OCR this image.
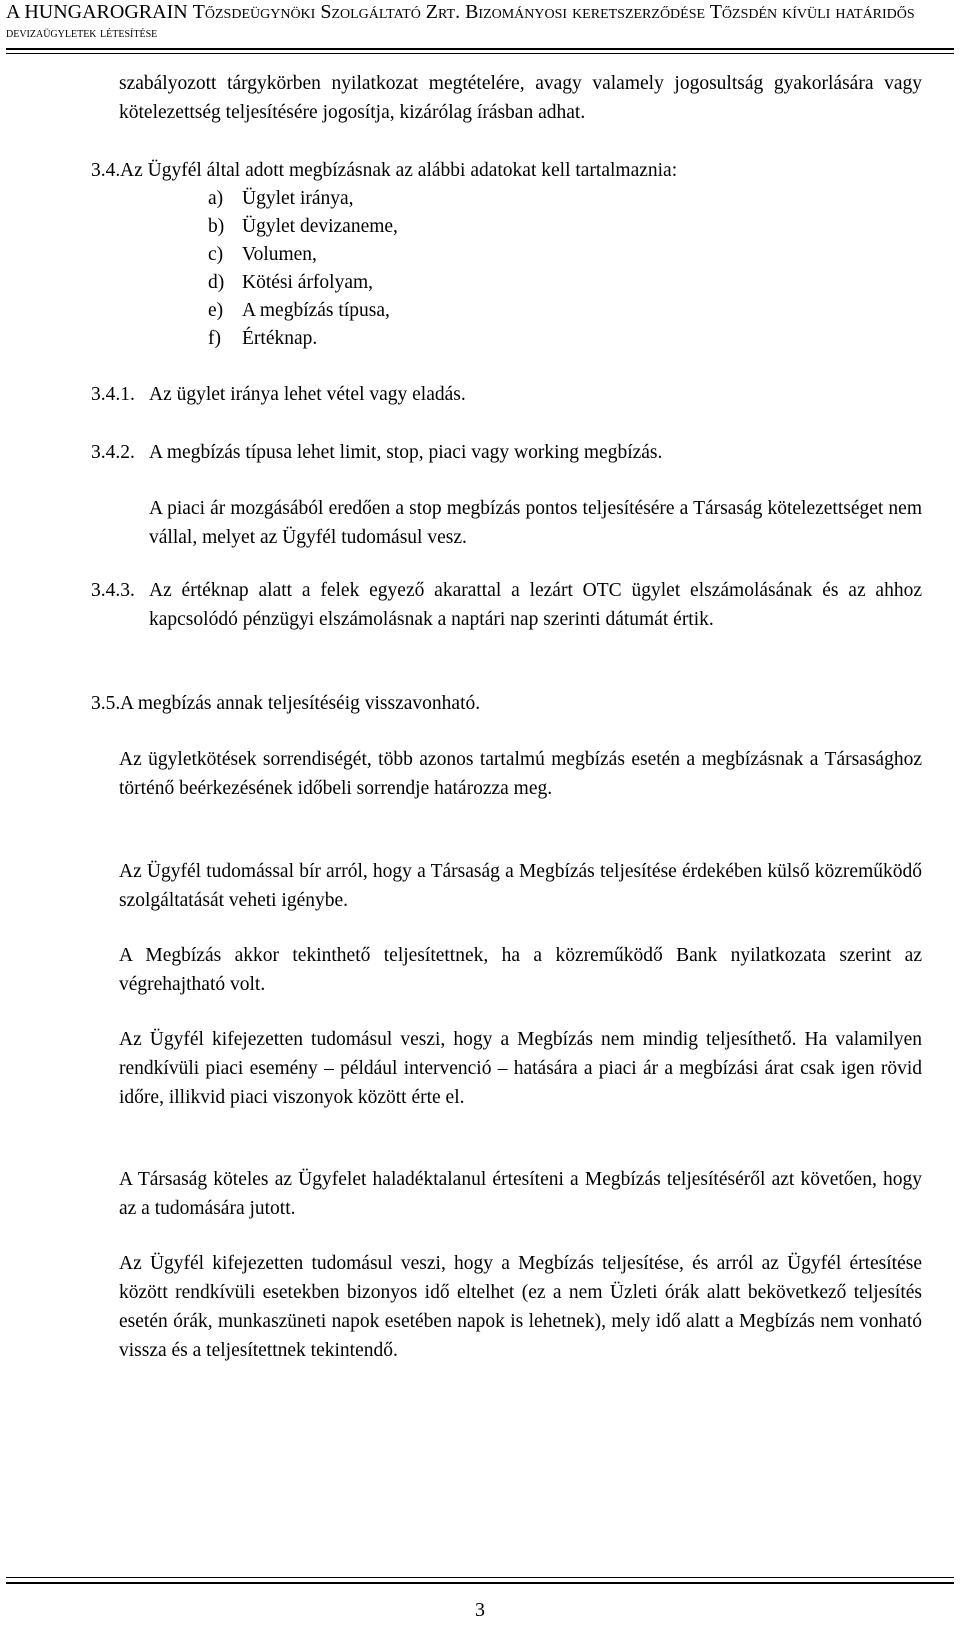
A HUNGAROGRAIN Tőzsdeügynöki Szolgáltató Zrt. Bizományosi keretszerződése Tőzsdén kívüli határidős
devizaügyletek létesítése
szabályozott tárgykörben nyilatkozat megtételére, avagy valamely jogosultság gyakorlására vagy kötelezettség teljesítésére jogosítja, kizárólag írásban adhat.
3.4. Az Ügyfél által adott megbízásnak az alábbi adatokat kell tartalmaznia:
a) Ügylet iránya,
b) Ügylet devizaneme,
c) Volumen,
d) Kötési árfolyam,
e) A megbízás típusa,
f) Értéknap.
3.4.1. Az ügylet iránya lehet vétel vagy eladás.
3.4.2. A megbízás típusa lehet limit, stop, piaci vagy working megbízás.
A piaci ár mozgásából eredően a stop megbízás pontos teljesítésére a Társaság kötelezettséget nem vállal, melyet az Ügyfél tudomásul vesz.
3.4.3. Az értéknap alatt a felek egyező akarattal a lezárt OTC ügylet elszámolásának és az ahhoz kapcsolódó pénzügyi elszámolásnak a naptári nap szerinti dátumát értik.
3.5. A megbízás annak teljesítéséig visszavonható.
Az ügyletkötések sorrendiségét, több azonos tartalmú megbízás esetén a megbízásnak a Társasághoz történő beérkezésének időbeli sorrendje határozza meg.
Az Ügyfél tudomással bír arról, hogy a Társaság a Megbízás teljesítése érdekében külső közreműködő szolgáltatását veheti igénybe.
A Megbízás akkor tekinthető teljesítettnek, ha a közreműködő Bank nyilatkozata szerint az végrehajtható volt.
Az Ügyfél kifejezetten tudomásul veszi, hogy a Megbízás nem mindig teljesíthető. Ha valamilyen rendkívüli piaci esemény – például intervenció – hatására a piaci ár a megbízási árat csak igen rövid időre, illikvid piaci viszonyok között érte el.
A Társaság köteles az Ügyfelet haladéktalanul értesíteni a Megbízás teljesítéséről azt követően, hogy az a tudomására jutott.
Az Ügyfél kifejezetten tudomásul veszi, hogy a Megbízás teljesítése, és arról az Ügyfél értesítése között rendkívüli esetekben bizonyos idő eltelhet (ez a nem Üzleti órák alatt bekövetkező teljesítés esetén órák, munkaszüneti napok esetében napok is lehetnek), mely idő alatt a Megbízás nem vonható vissza és a teljesítettnek tekintendő.
3
